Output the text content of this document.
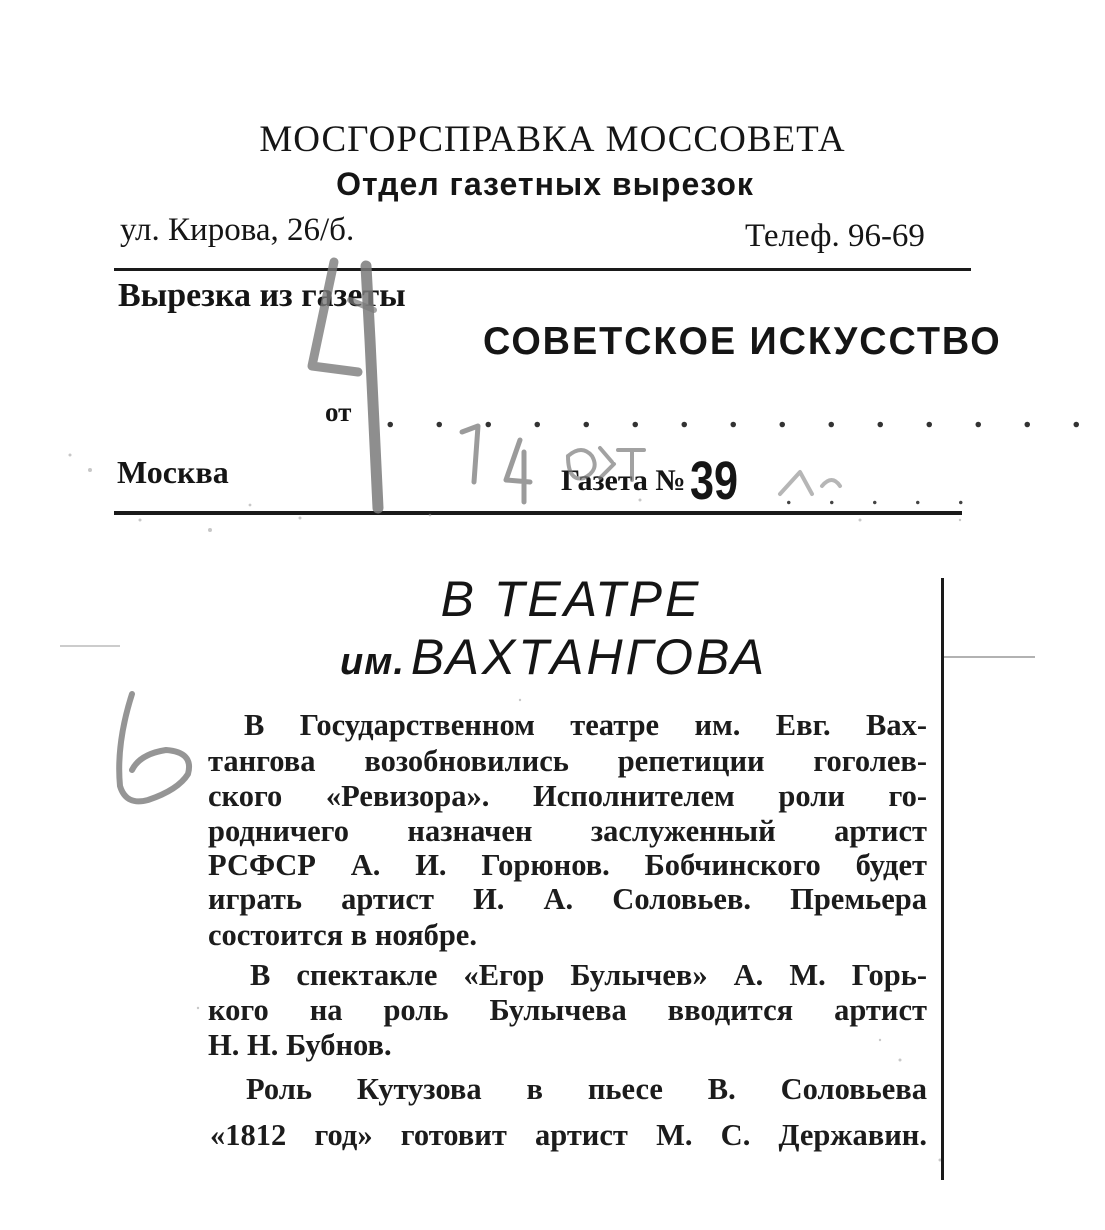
МОСГОРСПРАВКА МОССОВЕТА
Отдел газетных вырезок
ул. Кирова, 26/б.	Телеф. 96-69
Вырезка из газеты
СОВЕТСКОЕ ИСКУССТВО
от . . . . . . . . . . . . . . .
Москва	Газета № 39 . . . . .
В ТЕАТРЕ
им. ВАХТАНГОВА
В Государственном театре им. Евг. Вах-
тангова возобновились репетиции гоголев-
ского «Ревизора». Исполнителем роли го-
родничего назначен заслуженный артист
РСФСР А. И. Горюнов. Бобчинского будет
играть артист И. А. Соловьев. Премьера
состоится в ноябре.
В спектакле «Егор Булычев» А. М. Горь-
кого на роль Булычева вводится артист
Н. Н. Бубнов.
Роль Кутузова в пьесе В. Соловьева
«1812 год» готовит артист М. С. Державин.
